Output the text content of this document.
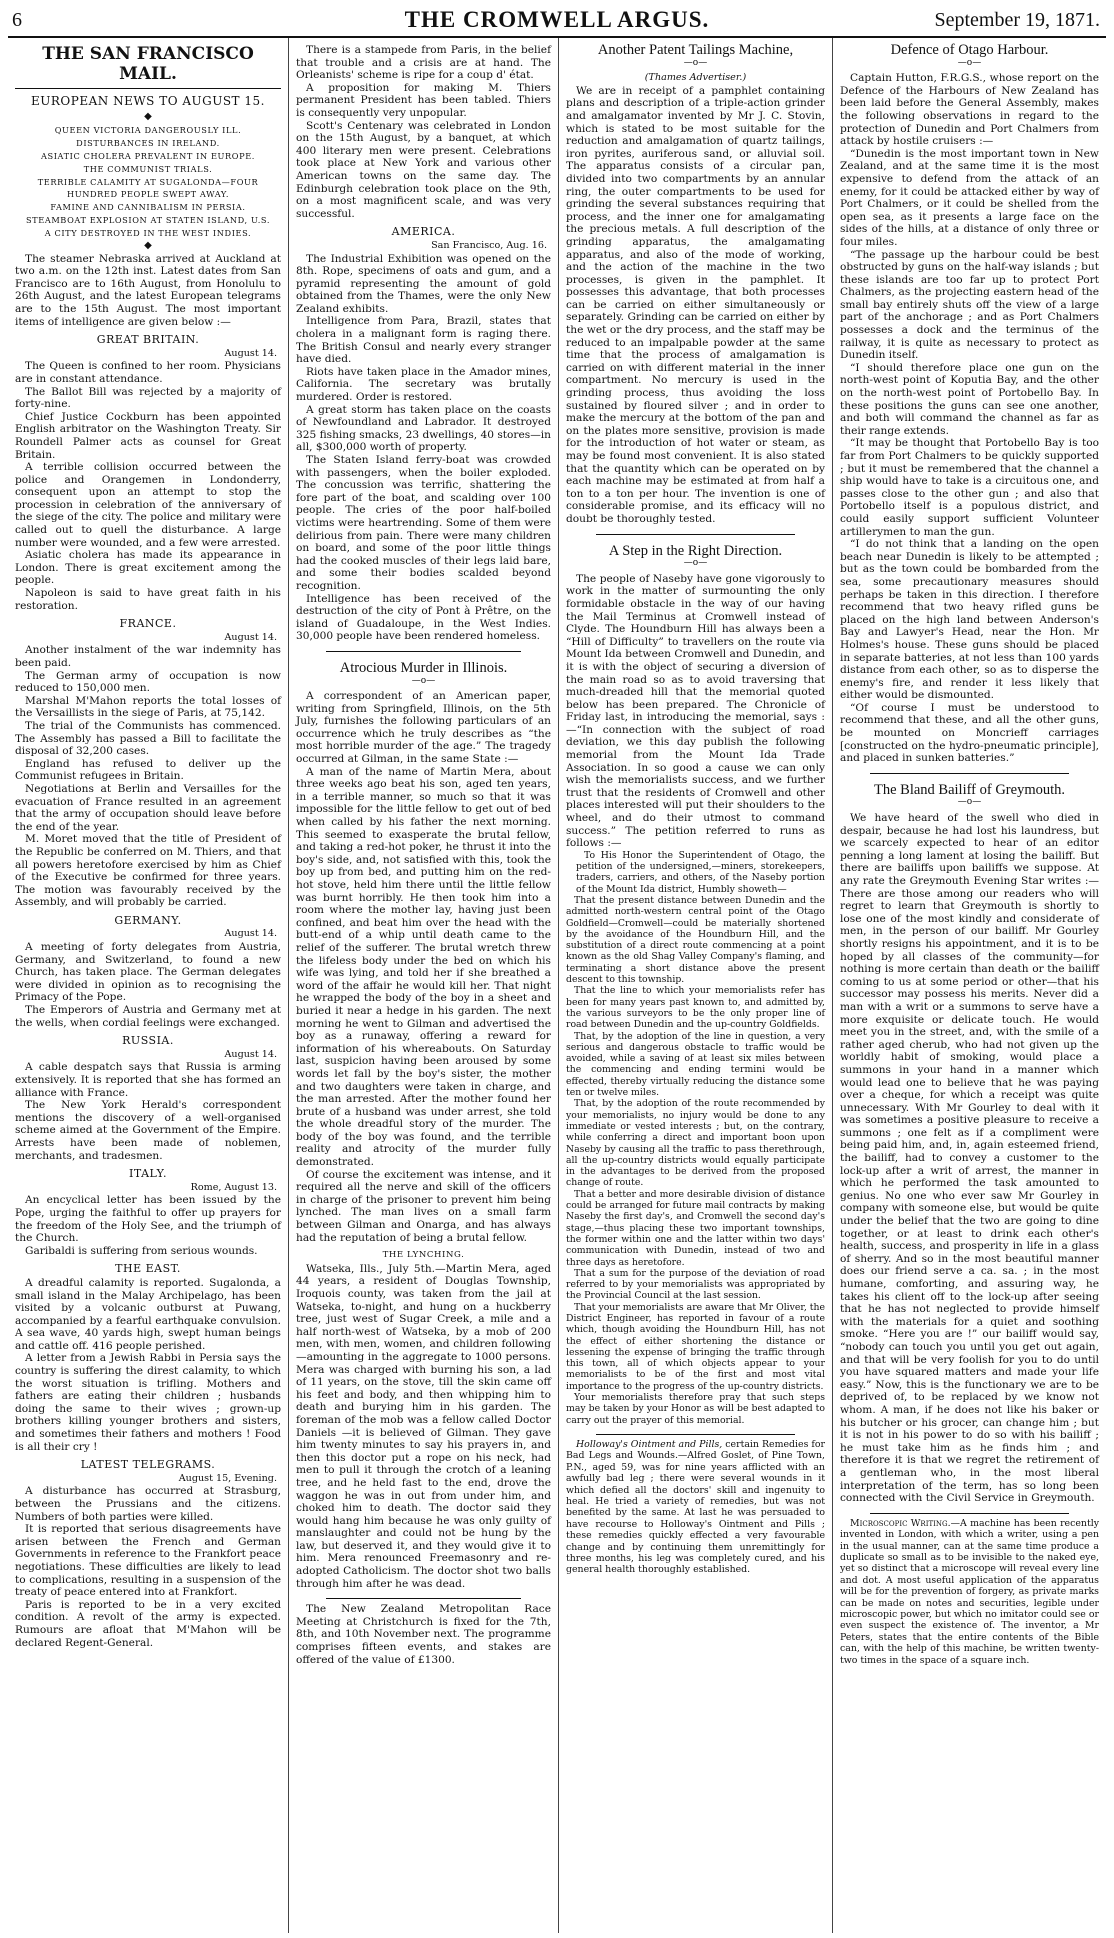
6	THE CROMWELL ARGUS.	September 19, 1871.
THE SAN FRANCISCO MAIL.
EUROPEAN NEWS TO AUGUST 15.
◆
QUEEN VICTORIA DANGEROUSLY ILL.
DISTURBANCES IN IRELAND.
ASIATIC CHOLERA PREVALENT IN EUROPE.
THE COMMUNIST TRIALS.
TERRIBLE CALAMITY AT SUGALONDA—FOUR HUNDRED PEOPLE SWEPT AWAY.
FAMINE AND CANNIBALISM IN PERSIA.
STEAMBOAT EXPLOSION AT STATEN ISLAND, U.S.
A CITY DESTROYED IN THE WEST INDIES.
◆

The steamer Nebraska arrived at Auckland at two a.m. on the 12th inst. Latest dates from San Francisco are to 16th August, from Honolulu to 26th August, and the latest European telegrams are to the 15th August. The most important items of intelligence are given below :—

GREAT BRITAIN.
August 14.

The Queen is confined to her room. Physicians are in constant attendance.

The Ballot Bill was rejected by a majority of forty-nine.

Chief Justice Cockburn has been appointed English arbitrator on the Washington Treaty. Sir Roundell Palmer acts as counsel for Great Britain.

A terrible collision occurred between the police and Orangemen in Londonderry, consequent upon an attempt to stop the procession in celebration of the anniversary of the siege of the city. The police and military were called out to quell the disturbance. A large number were wounded, and a few were arrested.

Asiatic cholera has made its appearance in London. There is great excitement among the people.

Napoleon is said to have great faith in his restoration.

FRANCE.
August 14.

Another instalment of the war indemnity has been paid.

The German army of occupation is now reduced to 150,000 men.

Marshal M'Mahon reports the total losses of the Versaillists in the siege of Paris, at 75,142.

The trial of the Communists has commenced. The Assembly has passed a Bill to facilitate the disposal of 32,200 cases.

England has refused to deliver up the Communist refugees in Britain.

Negotiations at Berlin and Versailles for the evacuation of France resulted in an agreement that the army of occupation should leave before the end of the year.

M. Moret moved that the title of President of the Republic be conferred on M. Thiers, and that all powers heretofore exercised by him as Chief of the Executive be confirmed for three years. The motion was favourably received by the Assembly, and will probably be carried.

GERMANY.
August 14.

A meeting of forty delegates from Austria, Germany, and Switzerland, to found a new Church, has taken place. The German delegates were divided in opinion as to recognising the Primacy of the Pope.

The Emperors of Austria and Germany met at the wells, when cordial feelings were exchanged.

RUSSIA.
August 14.

A cable despatch says that Russia is arming extensively. It is reported that she has formed an alliance with France.

The New York Herald's correspondent mentions the discovery of a well-organised scheme aimed at the Government of the Empire. Arrests have been made of noblemen, merchants, and tradesmen.

ITALY.
Rome, August 13.

An encyclical letter has been issued by the Pope, urging the faithful to offer up prayers for the freedom of the Holy See, and the triumph of the Church.

Garibaldi is suffering from serious wounds.

THE EAST.

A dreadful calamity is reported. Sugalonda, a small island in the Malay Archipelago, has been visited by a volcanic outburst at Puwang, accompanied by a fearful earthquake convulsion. A sea wave, 40 yards high, swept human beings and cattle off. 416 people perished.

A letter from a Jewish Rabbi in Persia says the country is suffering the direst calamity, to which the worst situation is trifling. Mothers and fathers are eating their children ; husbands doing the same to their wives ; grown-up brothers killing younger brothers and sisters, and sometimes their fathers and mothers ! Food is all their cry !

LATEST TELEGRAMS.
August 15, Evening.

A disturbance has occurred at Strasburg, between the Prussians and the citizens. Numbers of both parties were killed.

It is reported that serious disagreements have arisen between the French and German Governments in reference to the Frankfort peace negotiations. These difficulties are likely to lead to complications, resulting in a suspension of the treaty of peace entered into at Frankfort.

Paris is reported to be in a very excited condition. A revolt of the army is expected. Rumours are afloat that M'Mahon will be declared Regent-General.

There is a stampede from Paris, in the belief that trouble and a crisis are at hand. The Orleanists' scheme is ripe for a coup d' état.

A proposition for making M. Thiers permanent President has been tabled. Thiers is consequently very unpopular.

Scott's Centenary was celebrated in London on the 15th August, by a banquet, at which 400 literary men were present. Celebrations took place at New York and various other American towns on the same day. The Edinburgh celebration took place on the 9th, on a most magnificent scale, and was very successful.

AMERICA.
San Francisco, Aug. 16.

The Industrial Exhibition was opened on the 8th. Rope, specimens of oats and gum, and a pyramid representing the amount of gold obtained from the Thames, were the only New Zealand exhibits.

Intelligence from Para, Brazil, states that cholera in a malignant form is raging there. The British Consul and nearly every stranger have died.

Riots have taken place in the Amador mines, California. The secretary was brutally murdered. Order is restored.

A great storm has taken place on the coasts of Newfoundland and Labrador. It destroyed 325 fishing smacks, 23 dwellings, 40 stores—in all, $300,000 worth of property.

The Staten Island ferry-boat was crowded with passengers, when the boiler exploded. The concussion was terrific, shattering the fore part of the boat, and scalding over 100 people. The cries of the poor half-boiled victims were heartrending. Some of them were delirious from pain. There were many children on board, and some of the poor little things had the cooked muscles of their legs laid bare, and some their bodies scalded beyond recognition.

Intelligence has been received of the destruction of the city of Pont à Prêtre, on the island of Guadaloupe, in the West Indies. 30,000 people have been rendered homeless.

Atrocious Murder in Illinois.
—o—

A correspondent of an American paper, writing from Springfield, Illinois, on the 5th July, furnishes the following particulars of an occurrence which he truly describes as “the most horrible murder of the age.” The tragedy occurred at Gilman, in the same State :—

A man of the name of Martin Mera, about three weeks ago beat his son, aged ten years, in a terrible manner, so much so that it was impossible for the little fellow to get out of bed when called by his father the next morning. This seemed to exasperate the brutal fellow, and taking a red-hot poker, he thrust it into the boy's side, and, not satisfied with this, took the boy up from bed, and putting him on the red-hot stove, held him there until the little fellow was burnt horribly. He then took him into a room where the mother lay, having just been confined, and beat him over the head with the butt-end of a whip until death came to the relief of the sufferer. The brutal wretch threw the lifeless body under the bed on which his wife was lying, and told her if she breathed a word of the affair he would kill her. That night he wrapped the body of the boy in a sheet and buried it near a hedge in his garden. The next morning he went to Gilman and advertised the boy as a runaway, offering a reward for information of his whereabouts. On Saturday last, suspicion having been aroused by some words let fall by the boy's sister, the mother and two daughters were taken in charge, and the man arrested. After the mother found her brute of a husband was under arrest, she told the whole dreadful story of the murder. The body of the boy was found, and the terrible reality and atrocity of the murder fully demonstrated.

Of course the excitement was intense, and it required all the nerve and skill of the officers in charge of the prisoner to prevent him being lynched. The man lives on a small farm between Gilman and Onarga, and has always had the reputation of being a brutal fellow.

THE LYNCHING.

Watseka, Ills., July 5th.—Martin Mera, aged 44 years, a resident of Douglas Township, Iroquois county, was taken from the jail at Watseka, to-night, and hung on a huckberry tree, just west of Sugar Creek, a mile and a half north-west of Watseka, by a mob of 200 men, with men, women, and children following—amounting in the aggregate to 1000 persons. Mera was charged with burning his son, a lad of 11 years, on the stove, till the skin came off his feet and body, and then whipping him to death and burying him in his garden. The foreman of the mob was a fellow called Doctor Daniels —it is believed of Gilman. They gave him twenty minutes to say his prayers in, and then this doctor put a rope on his neck, had men to pull it through the crotch of a leaning tree, and he held fast to the end, drove the waggon he was in out from under him, and choked him to death. The doctor said they would hang him because he was only guilty of manslaughter and could not be hung by the law, but deserved it, and they would give it to him. Mera renounced Freemasonry and re-adopted Catholicism. The doctor shot two balls through him after he was dead.

The New Zealand Metropolitan Race Meeting at Christchurch is fixed for the 7th, 8th, and 10th November next. The programme comprises fifteen events, and stakes are offered of the value of £1300.

Another Patent Tailings Machine,
—o—
(Thames Advertiser.)

We are in receipt of a pamphlet containing plans and description of a triple-action grinder and amalgamator invented by Mr J. C. Stovin, which is stated to be most suitable for the reduction and amalgamation of quartz tailings, iron pyrites, auriferous sand, or alluvial soil. The apparatus consists of a circular pan, divided into two compartments by an annular ring, the outer compartments to be used for grinding the several substances requiring that process, and the inner one for amalgamating the precious metals. A full description of the grinding apparatus, the amalgamating apparatus, and also of the mode of working, and the action of the machine in the two processes, is given in the pamphlet. It possesses this advantage, that both processes can be carried on either simultaneously or separately. Grinding can be carried on either by the wet or the dry process, and the staff may be reduced to an impalpable powder at the same time that the process of amalgamation is carried on with different material in the inner compartment. No mercury is used in the grinding process, thus avoiding the loss sustained by floured silver ; and in order to make the mercury at the bottom of the pan and on the plates more sensitive, provision is made for the introduction of hot water or steam, as may be found most convenient. It is also stated that the quantity which can be operated on by each machine may be estimated at from half a ton to a ton per hour. The invention is one of considerable promise, and its efficacy will no doubt be thoroughly tested.

A Step in the Right Direction.
—o—

The people of Naseby have gone vigorously to work in the matter of surmounting the only formidable obstacle in the way of our having the Mail Terminus at Cromwell instead of Clyde. The Houndburn Hill has always been a “Hill of Difficulty” to travellers on the route via Mount Ida between Cromwell and Dunedin, and it is with the object of securing a diversion of the main road so as to avoid traversing that much-dreaded hill that the memorial quoted below has been prepared. The Chronicle of Friday last, in introducing the memorial, says :—“In connection with the subject of road deviation, we this day publish the following memorial from the Mount Ida Trade Association. In so good a cause we can only wish the memorialists success, and we further trust that the residents of Cromwell and other places interested will put their shoulders to the wheel, and do their utmost to command success.” The petition referred to runs as follows :—

To His Honor the Superintendent of Otago, the petition of the undersigned,—miners, storekeepers, traders, carriers, and others, of the Naseby portion of the Mount Ida district, Humbly showeth—

That the present distance between Dunedin and the admitted north-western central point of the Otago Goldfield—Cromwell—could be materially shortened by the avoidance of the Houndburn Hill, and the substitution of a direct route commencing at a point known as the old Shag Valley Company's flaming, and terminating a short distance above the present descent to this township.

That the line to which your memorialists refer has been for many years past known to, and admitted by, the various surveyors to be the only proper line of road between Dunedin and the up-country Goldfields.

That, by the adoption of the line in question, a very serious and dangerous obstacle to traffic would be avoided, while a saving of at least six miles between the commencing and ending termini would be effected, thereby virtually reducing the distance some ten or twelve miles.

That, by the adoption of the route recommended by your memorialists, no injury would be done to any immediate or vested interests ; but, on the contrary, while conferring a direct and important boon upon Naseby by causing all the traffic to pass therethrough, all the up-country districts would equally participate in the advantages to be derived from the proposed change of route.

That a better and more desirable division of distance could be arranged for future mail contracts by making Naseby the first day's, and Cromwell the second day's stage,—thus placing these two important townships, the former within one and the latter within two days' communication with Dunedin, instead of two and three days as heretofore.

That a sum for the purpose of the deviation of road referred to by your memorialists was appropriated by the Provincial Council at the last session.

That your memorialists are aware that Mr Oliver, the District Engineer, has reported in favour of a route which, though avoiding the Houndburn Hill, has not the effect of either shortening the distance or lessening the expense of bringing the traffic through this town, all of which objects appear to your memorialists to be of the first and most vital importance to the progress of the up-country districts.

Your memorialists therefore pray that such steps may be taken by your Honor as will be best adapted to carry out the prayer of this memorial.

Holloway's Ointment and Pills, certain Remedies for Bad Legs and Wounds.—Alfred Goslet, of Pine Town, P.N., aged 59, was for nine years afflicted with an awfully bad leg ; there were several wounds in it which defied all the doctors' skill and ingenuity to heal. He tried a variety of remedies, but was not benefited by the same. At last he was persuaded to have recourse to Holloway's Ointment and Pills ; these remedies quickly effected a very favourable change and by continuing them unremittingly for three months, his leg was completely cured, and his general health thoroughly established.

Defence of Otago Harbour.
—o—

Captain Hutton, F.R.G.S., whose report on the Defence of the Harbours of New Zealand has been laid before the General Assembly, makes the following observations in regard to the protection of Dunedin and Port Chalmers from attack by hostile cruisers :—

“Dunedin is the most important town in New Zealand, and at the same time it is the most expensive to defend from the attack of an enemy, for it could be attacked either by way of Port Chalmers, or it could be shelled from the open sea, as it presents a large face on the sides of the hills, at a distance of only three or four miles.

“The passage up the harbour could be best obstructed by guns on the half-way islands ; but these islands are too far up to protect Port Chalmers, as the projecting eastern head of the small bay entirely shuts off the view of a large part of the anchorage ; and as Port Chalmers possesses a dock and the terminus of the railway, it is quite as necessary to protect as Dunedin itself.

“I should therefore place one gun on the north-west point of Koputia Bay, and the other on the north-west point of Portobello Bay. In these positions the guns can see one another, and both will command the channel as far as their range extends.

“It may be thought that Portobello Bay is too far from Port Chalmers to be quickly supported ; but it must be remembered that the channel a ship would have to take is a circuitous one, and passes close to the other gun ; and also that Portobello itself is a populous district, and could easily support sufficient Volunteer artillerymen to man the gun.

“I do not think that a landing on the open beach near Dunedin is likely to be attempted ; but as the town could be bombarded from the sea, some precautionary measures should perhaps be taken in this direction. I therefore recommend that two heavy rifled guns be placed on the high land between Anderson's Bay and Lawyer's Head, near the Hon. Mr Holmes's house. These guns should be placed in separate batteries, at not less than 100 yards distance from each other, so as to disperse the enemy's fire, and render it less likely that either would be dismounted.

“Of course I must be understood to recommend that these, and all the other guns, be mounted on Moncrieff carriages [constructed on the hydro-pneumatic principle], and placed in sunken batteries.”

The Bland Bailiff of Greymouth.
—o—

We have heard of the swell who died in despair, because he had lost his laundress, but we scarcely expected to hear of an editor penning a long lament at losing the bailiff. But there are bailiffs upon bailiffs we suppose. At any rate the Greymouth Evening Star writes :—There are those among our readers who will regret to learn that Greymouth is shortly to lose one of the most kindly and considerate of men, in the person of our bailiff. Mr Gourley shortly resigns his appointment, and it is to be hoped by all classes of the community—for nothing is more certain than death or the bailiff coming to us at some period or other—that his successor may possess his merits. Never did a man with a writ or a summons to serve have a more exquisite or delicate touch. He would meet you in the street, and, with the smile of a rather aged cherub, who had not given up the worldly habit of smoking, would place a summons in your hand in a manner which would lead one to believe that he was paying over a cheque, for which a receipt was quite unnecessary. With Mr Gourley to deal with it was sometimes a positive pleasure to receive a summons ; one felt as if a compliment were being paid him, and, in, again esteemed friend, the bailiff, had to convey a customer to the lock-up after a writ of arrest, the manner in which he performed the task amounted to genius. No one who ever saw Mr Gourley in company with someone else, but would be quite under the belief that the two are going to dine together, or at least to drink each other's health, success, and prosperity in life in a glass of sherry. And so in the most beautiful manner does our friend serve a ca. sa. ; in the most humane, comforting, and assuring way, he takes his client off to the lock-up after seeing that he has not neglected to provide himself with the materials for a quiet and soothing smoke. “Here you are !” our bailiff would say, “nobody can touch you until you get out again, and that will be very foolish for you to do until you have squared matters and made your life easy.” Now, this is the functionary we are to be deprived of, to be replaced by we know not whom. A man, if he does not like his baker or his butcher or his grocer, can change him ; but it is not in his power to do so with his bailiff ; he must take him as he finds him ; and therefore it is that we regret the retirement of a gentleman who, in the most liberal interpretation of the term, has so long been connected with the Civil Service in Greymouth.

Microscopic Writing.—A machine has been recently invented in London, with which a writer, using a pen in the usual manner, can at the same time produce a duplicate so small as to be invisible to the naked eye, yet so distinct that a microscope will reveal every line and dot. A most useful application of the apparatus will be for the prevention of forgery, as private marks can be made on notes and securities, legible under microscopic power, but which no imitator could see or even suspect the existence of. The inventor, a Mr Peters, states that the entire contents of the Bible can, with the help of this machine, be written twenty-two times in the space of a square inch.
